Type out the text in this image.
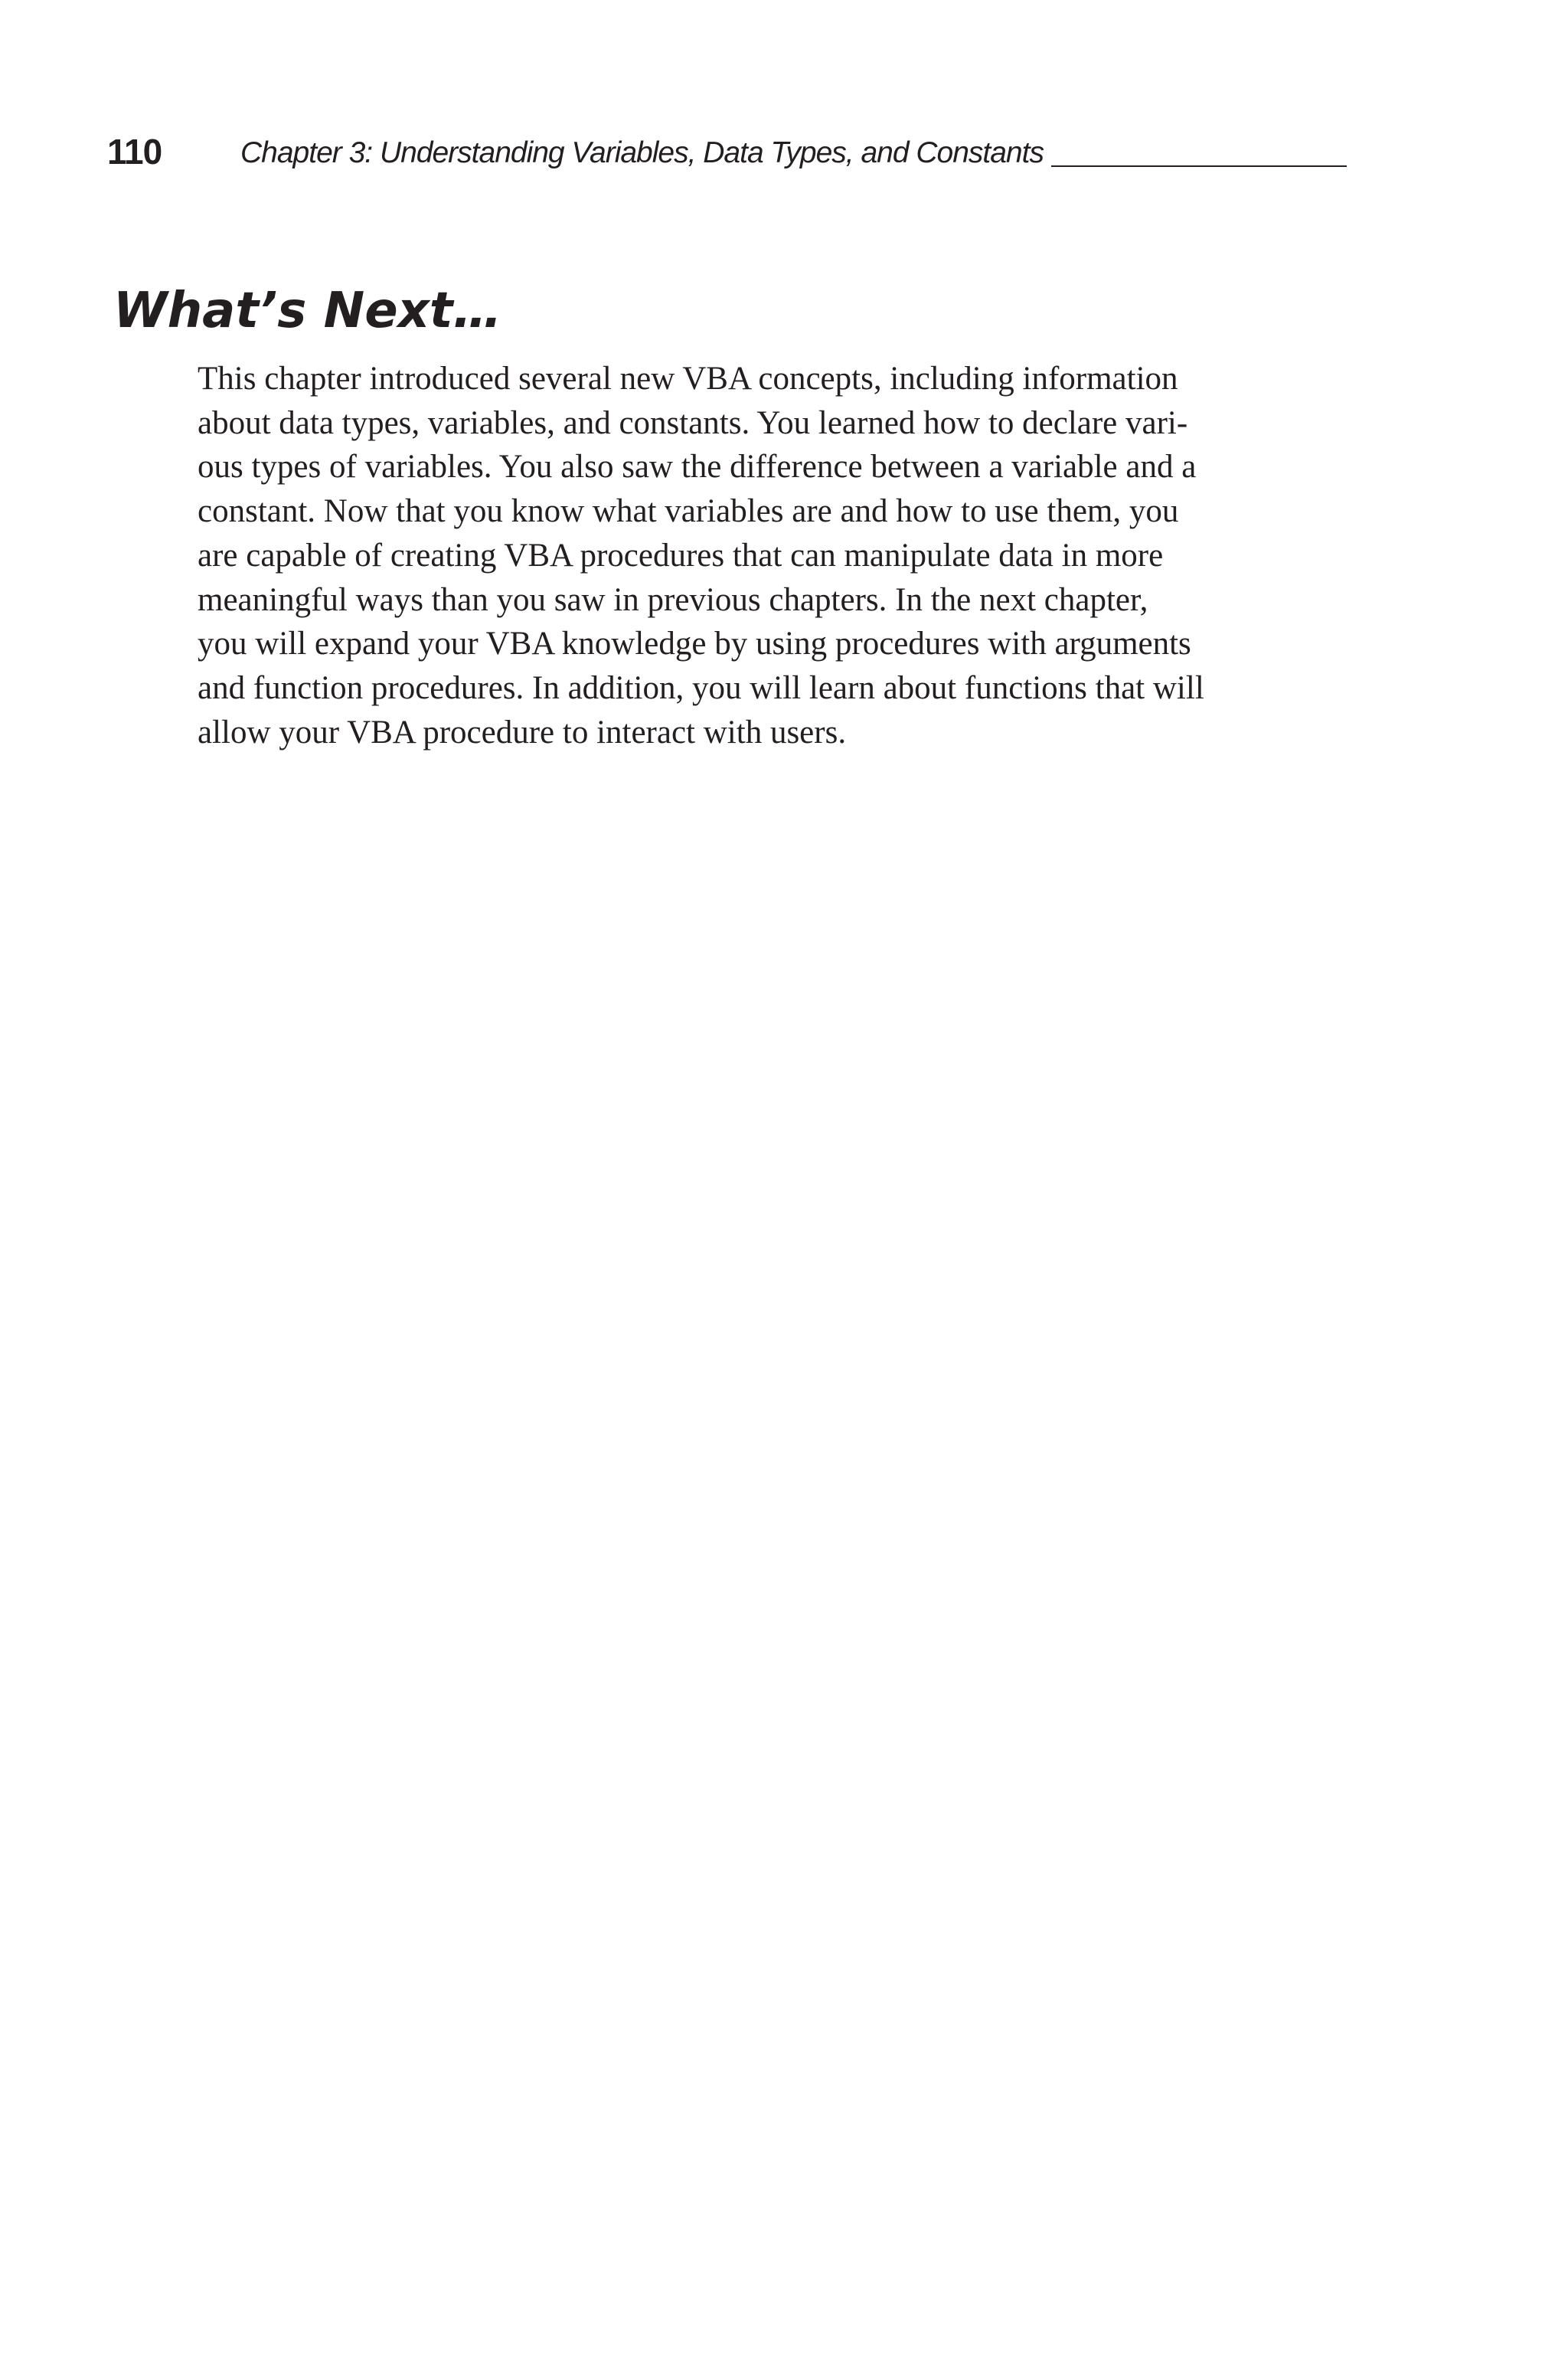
110	Chapter 3: Understanding Variables, Data Types, and Constants
What’s Next…

This chapter introduced several new VBA concepts, including information
about data types, variables, and constants. You learned how to declare vari-
ous types of variables. You also saw the difference between a variable and a
constant. Now that you know what variables are and how to use them, you
are capable of creating VBA procedures that can manipulate data in more
meaningful ways than you saw in previous chapters. In the next chapter,
you will expand your VBA knowledge by using procedures with arguments
and function procedures. In addition, you will learn about functions that will
allow your VBA procedure to interact with users.
